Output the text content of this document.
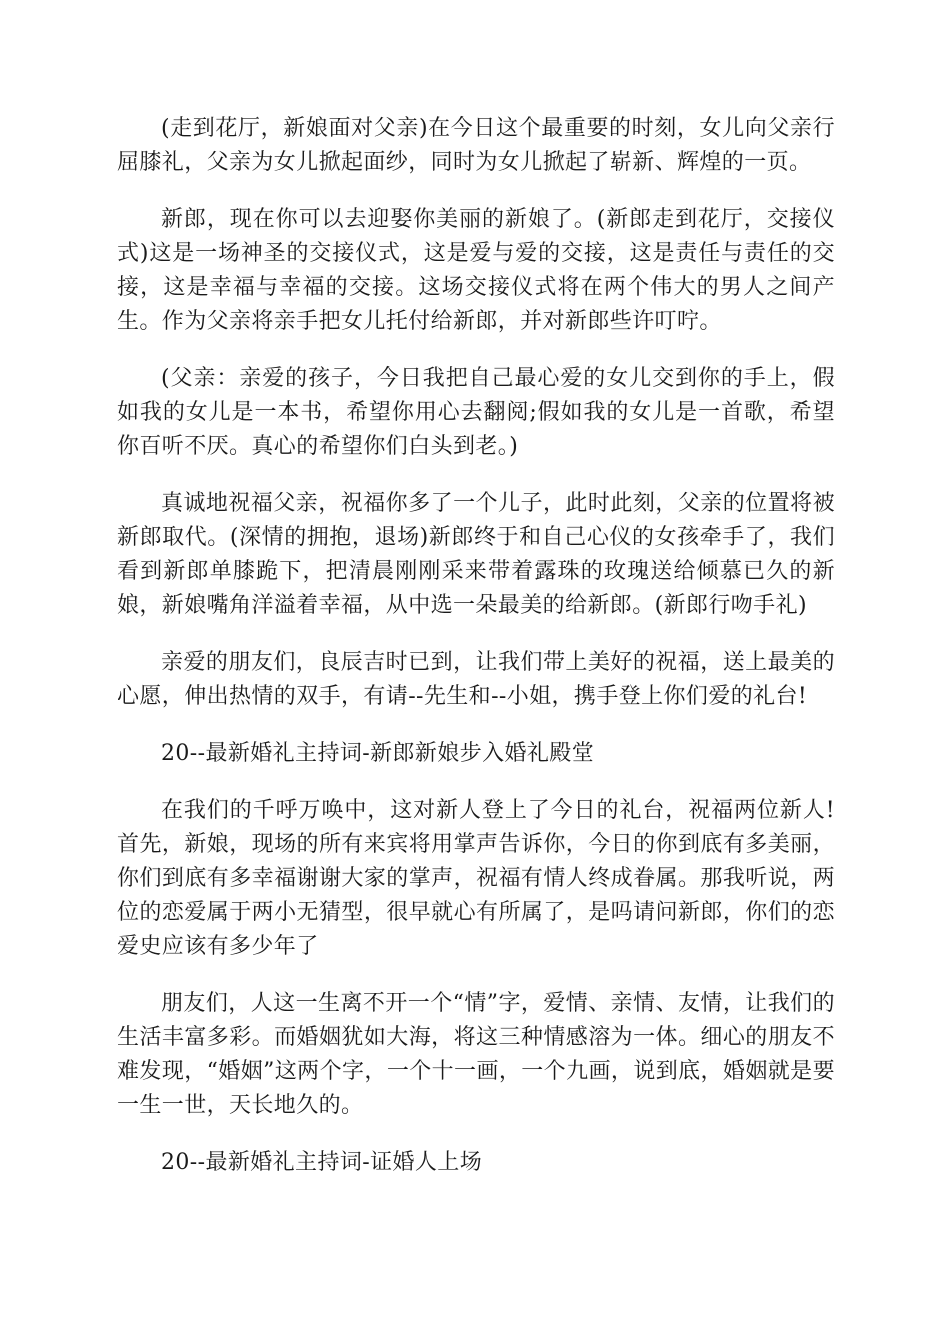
(走到花厅，新娘面对父亲)在今日这个最重要的时刻，女儿向父亲行屈膝礼，父亲为女儿掀起面纱，同时为女儿掀起了崭新、辉煌的一页。

新郎，现在你可以去迎娶你美丽的新娘了。(新郎走到花厅，交接仪式)这是一场神圣的交接仪式，这是爱与爱的交接，这是责任与责任的交接，这是幸福与幸福的交接。这场交接仪式将在两个伟大的男人之间产生。作为父亲将亲手把女儿托付给新郎，并对新郎些许叮咛。

(父亲：亲爱的孩子，今日我把自己最心爱的女儿交到你的手上，假如我的女儿是一本书，希望你用心去翻阅;假如我的女儿是一首歌，希望你百听不厌。真心的希望你们白头到老。)

真诚地祝福父亲，祝福你多了一个儿子，此时此刻，父亲的位置将被新郎取代。(深情的拥抱，退场)新郎终于和自己心仪的女孩牵手了，我们看到新郎单膝跪下，把清晨刚刚采来带着露珠的玫瑰送给倾慕已久的新娘，新娘嘴角洋溢着幸福，从中选一朵最美的给新郎。(新郎行吻手礼)

亲爱的朋友们，良辰吉时已到，让我们带上美好的祝福，送上最美的心愿，伸出热情的双手，有请--先生和--小姐，携手登上你们爱的礼台!

20--最新婚礼主持词-新郎新娘步入婚礼殿堂

在我们的千呼万唤中，这对新人登上了今日的礼台，祝福两位新人!首先，新娘，现场的所有来宾将用掌声告诉你，今日的你到底有多美丽，你们到底有多幸福谢谢大家的掌声，祝福有情人终成眷属。那我听说，两位的恋爱属于两小无猜型，很早就心有所属了，是吗请问新郎，你们的恋爱史应该有多少年了

朋友们，人这一生离不开一个“情”字，爱情、亲情、友情，让我们的生活丰富多彩。而婚姻犹如大海，将这三种情感溶为一体。细心的朋友不难发现，“婚姻”这两个字，一个十一画，一个九画，说到底，婚姻就是要一生一世，天长地久的。

20--最新婚礼主持词-证婚人上场
